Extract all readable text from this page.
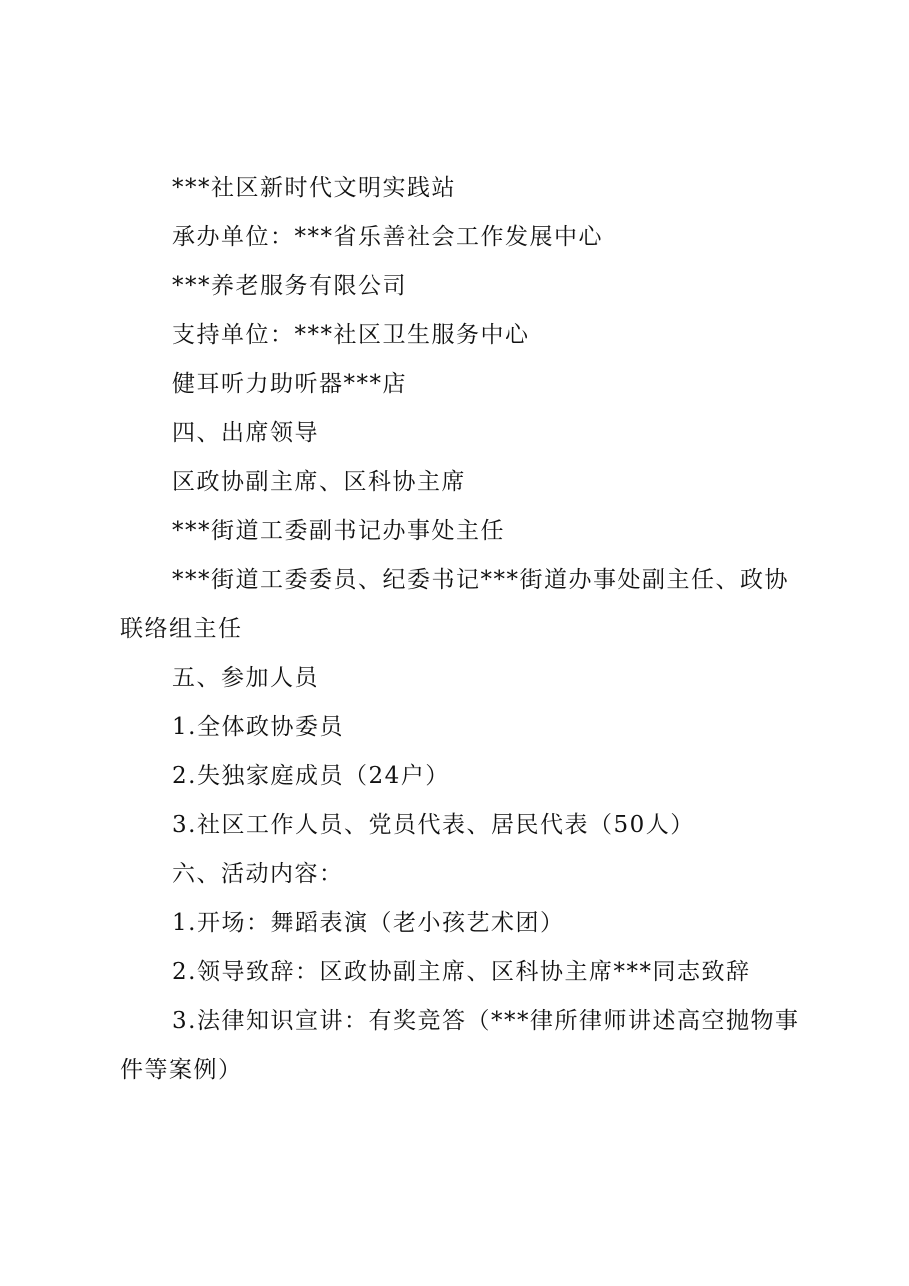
***社区新时代文明实践站

承办单位：***省乐善社会工作发展中心

***养老服务有限公司

支持单位：***社区卫生服务中心

健耳听力助听器***店

四、出席领导

区政协副主席、区科协主席

***街道工委副书记办事处主任

***街道工委委员、纪委书记***街道办事处副主任、政协联络组主任

五、参加人员

1.全体政协委员

2.失独家庭成员（24户）

3.社区工作人员、党员代表、居民代表（50人）

六、活动内容：

1.开场：舞蹈表演（老小孩艺术团）

2.领导致辞：区政协副主席、区科协主席***同志致辞

3.法律知识宣讲：有奖竞答（***律所律师讲述高空抛物事件等案例）
